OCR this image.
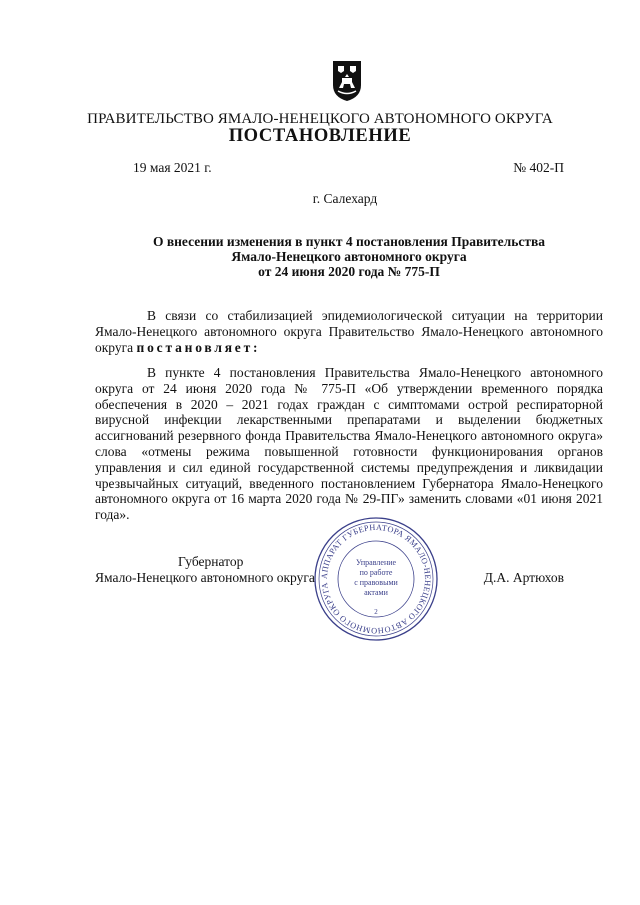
ПРАВИТЕЛЬСТВО ЯМАЛО-НЕНЕЦКОГО АВТОНОМНОГО ОКРУГА
ПОСТАНОВЛЕНИЕ
19 мая 2021 г.	№ 402-П
г. Салехард
О внесении изменения в пункт 4 постановления Правительства
Ямало-Ненецкого автономного округа
от 24 июня 2020 года № 775-П
В связи со стабилизацией эпидемиологической ситуации на территории Ямало-Ненецкого автономного округа Правительство Ямало-Ненецкого автономного округа постановляет:
В пункте 4 постановления Правительства Ямало-Ненецкого автономного округа от 24 июня 2020 года № 775-П «Об утверждении временного порядка обеспечения в 2020 – 2021 годах граждан с симптомами острой респираторной вирусной инфекции лекарственными препаратами и выделении бюджетных ассигнований резервного фонда Правительства Ямало-Ненецкого автономного округа» слова «отмены режима повышенной готовности функционирования органов управления и сил единой государственной системы предупреждения и ликвидации чрезвычайных ситуаций, введенного постановлением Губернатора Ямало-Ненецкого автономного округа от 16 марта 2020 года № 29-ПГ» заменить словами «01 июня 2021 года».
Губернатор
Ямало-Ненецкого автономного округа	Д.А. Артюхов
АППАРАТ ГУБЕРНАТОРА ЯМАЛО-НЕНЕЦКОГО АВТОНОМНОГО ОКРУГА
Управление
по работе
с правовыми
актами
2
